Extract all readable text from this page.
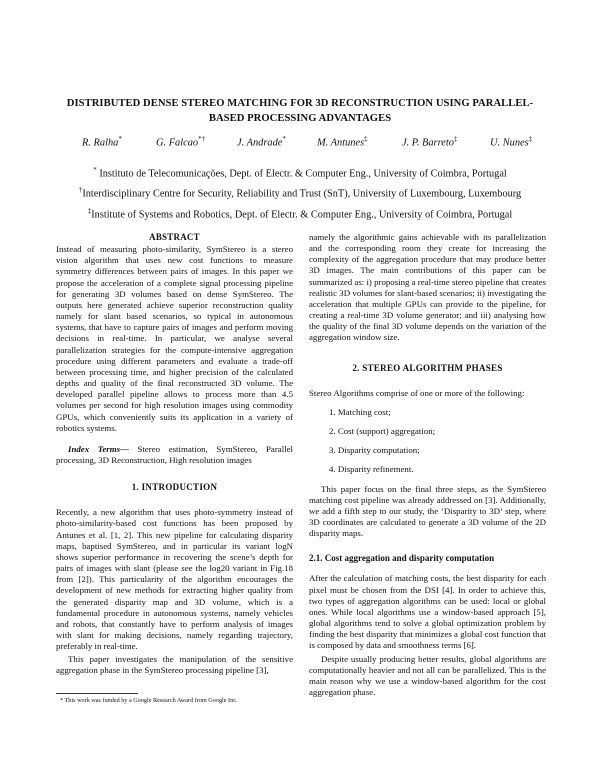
DISTRIBUTED DENSE STEREO MATCHING FOR 3D RECONSTRUCTION USING PARALLEL-BASED PROCESSING ADVANTAGES
R. Ralha*	G. Falcao*†	J. Andrade*	M. Antunes‡	J. P. Barreto‡	U. Nunes‡
* Instituto de Telecomunicações, Dept. of Electr. & Computer Eng., University of Coimbra, Portugal
†Interdisciplinary Centre for Security, Reliability and Trust (SnT), University of Luxembourg, Luxembourg
‡Institute of Systems and Robotics, Dept. of Electr. & Computer Eng., University of Coimbra, Portugal
ABSTRACT

Instead of measuring photo-similarity, SymStereo is a stereo vision algorithm that uses new cost functions to measure symmetry differences between pairs of images. In this paper we propose the acceleration of a complete signal processing pipeline for generating 3D volumes based on dense SymStereo. The outputs here generated achieve superior reconstruction quality namely for slant based scenarios, so typical in autonomous systems, that have to capture pairs of images and perform moving decisions in real-time. In particular, we analyse several parallelization strategies for the compute-intensive aggregation procedure using different parameters and evaluate a trade-off between processing time, and higher precision of the calculated depths and quality of the final reconstructed 3D volume. The developed parallel pipeline allows to process more than 4.5 volumes per second for high resolution images using commodity GPUs, which conveniently suits its application in a variety of robotics systems.

Index Terms— Stereo estimation, SymStereo, Parallel processing, 3D Reconstruction, High resolution images

1. INTRODUCTION

Recently, a new algorithm that uses photo-symmetry instead of photo-similarity-based cost functions has been proposed by Antunes et al. [1, 2]. This new pipeline for calculating disparity maps, baptised SymStereo, and in particular its variant logN shows superior performance in recovering the scene’s depth for pairs of images with slant (please see the log20 variant in Fig.18 from [2]). This particularity of the algorithm encourages the development of new methods for extracting higher quality from the generated disparity map and 3D volume, which is a fundamental procedure in autonomous systems, namely vehicles and robots, that constantly have to perform analysis of images with slant for making decisions, namely regarding trajectory, preferably in real-time.

This paper investigates the manipulation of the sensitive aggregation phase in the SymStereo processing pipeline [3],

* This work was funded by a Google Research Award from Google Inc.

namely the algorithmic gains achievable with its parallelization and the corresponding room they create for increasing the complexity of the aggregation procedure that may produce better 3D images. The main contributions of this paper can be summarized as: i) proposing a real-time stereo pipeline that creates realistic 3D volumes for slant-based scenarios; ii) investigating the acceleration that multiple GPUs can provide to the pipeline, for creating a real-time 3D volume generator; and iii) analysing how the quality of the final 3D volume depends on the variation of the aggregation window size.

2. STEREO ALGORITHM PHASES

Stereo Algorithms comprise of one or more of the following:

1. Matching cost;
2. Cost (support) aggregation;
3. Disparity computation;
4. Disparity refinement.

This paper focus on the final three steps, as the SymStereo matching cost pipeline was already addressed on [3]. Additionally, we add a fifth step to our study, the ‘Disparity to 3D’ step, where 3D coordinates are calculated to generate a 3D volume of the 2D disparity maps.

2.1. Cost aggregation and disparity computation

After the calculation of matching costs, the best disparity for each pixel must be chosen from the DSI [4]. In order to achieve this, two types of aggregation algorithms can be used: local or global ones. While local algorithms use a window-based approach [5], global algorithms tend to solve a global optimization problem by finding the best disparity that minimizes a global cost function that is composed by data and smoothness terms [6].

Despite usually producing better results, global algorithms are computationally heavier and not all can be parallelized. This is the main reason why we use a window-based algorithm for the cost aggregation phase.
